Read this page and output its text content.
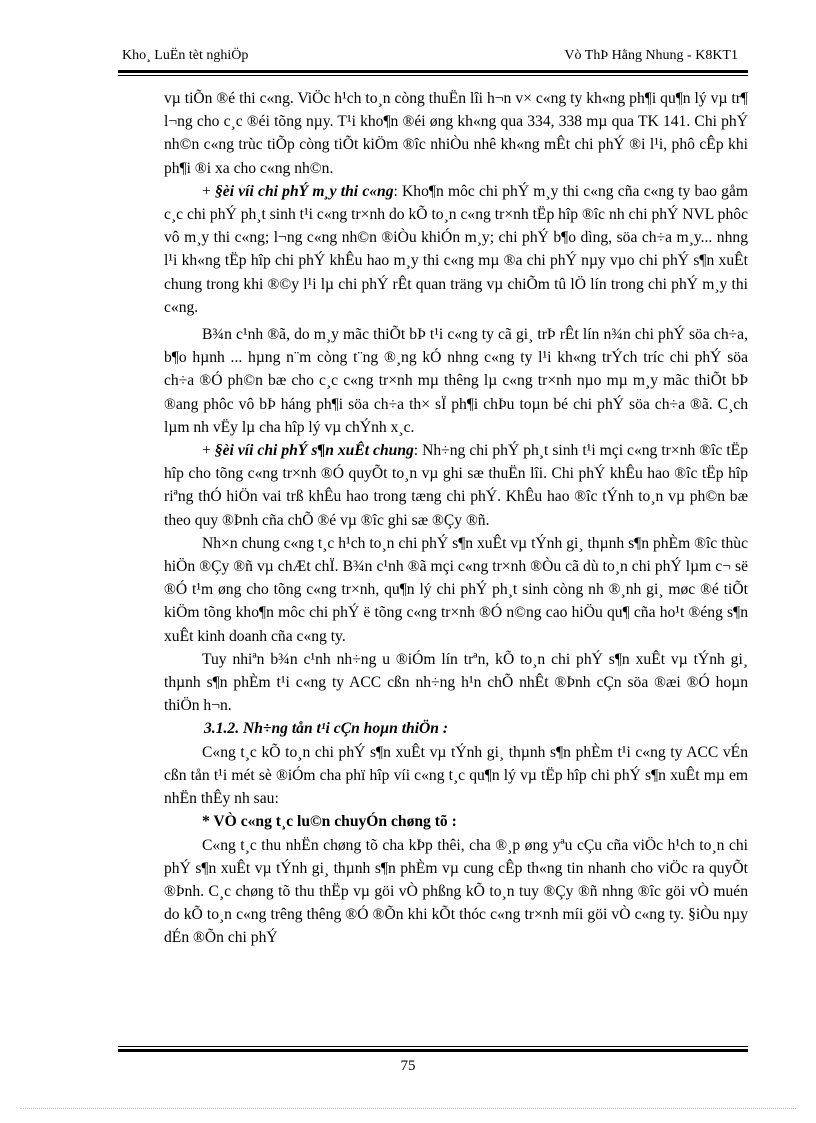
Kho¸ LuËn tèt nghiÖp	Vò ThÞ Hằng Nhung - K8KT1

vµ tiÕn ®é thi c«ng. ViÖc h¹ch to¸n còng thuËn lîi h¬n v× c«ng ty kh«ng ph¶i qu¶n lý vµ tr¶ l¬ng cho c¸c ®éi tõng nµy. T¹i kho¶n ®éi øng kh«ng qua 334, 338 mµ qua TK 141. Chi phÝ nh©n c«ng trùc tiÕp còng tiÕt kiÖm ®îc nhiÒu nhê kh«ng mÊt chi phÝ ®i l¹i, phô cÊp khi ph¶i ®i xa cho c«ng nh©n.

+ §èi víi chi phÝ m¸y thi c«ng: Kho¶n môc chi phÝ m¸y thi c«ng cña c«ng ty bao gåm c¸c chi phÝ ph¸t sinh t¹i c«ng tr×nh do kÕ to¸n c«ng tr×nh tËp hîp ®îc nh chi phÝ NVL phôc vô m¸y thi c«ng; l¬ng c«ng nh©n ®iÒu khiÓn m¸y; chi phÝ b¶o dìng, söa ch÷a m¸y... nhng l¹i kh«ng tËp hîp chi phÝ khÊu hao m¸y thi c«ng mµ ®a chi phÝ nµy vµo chi phÝ s¶n xuÊt chung trong khi ®©y l¹i lµ chi phÝ rÊt quan träng vµ chiÕm tû lÖ lín trong chi phÝ m¸y thi c«ng.

B¾n c¹nh ®ã, do m¸y mãc thiÕt bÞ t¹i c«ng ty cã gi¸ trÞ rÊt lín n¾n chi phÝ söa ch÷a, b¶o hµnh ... hµng n¨m còng t¨ng ®¸ng kÓ nhng c«ng ty l¹i kh«ng trÝch tríc chi phÝ söa ch÷a ®Ó ph©n bæ cho c¸c c«ng tr×nh mµ thêng lµ c«ng tr×nh nµo mµ m¸y mãc thiÕt bÞ ®ang phôc vô bÞ háng ph¶i söa ch÷a th× sÏ ph¶i chÞu toµn bé chi phÝ söa ch÷a ®ã. C¸ch lµm nh vËy lµ cha hîp lý vµ chÝnh x¸c.

+ §èi víi chi phÝ s¶n xuÊt chung: Nh÷ng chi phÝ ph¸t sinh t¹i mçi c«ng tr×nh ®îc tËp hîp cho tõng c«ng tr×nh ®Ó quyÕt to¸n vµ ghi sæ thuËn lîi. Chi phÝ khÊu hao ®îc tËp hîp riªng thÓ hiÖn vai trß khÊu hao trong tæng chi phÝ. KhÊu hao ®îc tÝnh to¸n vµ ph©n bæ theo quy ®Þnh cña chÕ ®é vµ ®îc ghi sæ ®Çy ®ñ.

Nh×n chung c«ng t¸c h¹ch to¸n chi phÝ s¶n xuÊt vµ tÝnh gi¸ thµnh s¶n phÈm ®îc thùc hiÖn ®Çy ®ñ vµ chÆt chÏ. B¾n c¹nh ®ã mçi c«ng tr×nh ®Òu cã dù to¸n chi phÝ lµm c¬ së ®Ó t¹m øng cho tõng c«ng tr×nh, qu¶n lý chi phÝ ph¸t sinh còng nh ®¸nh gi¸ møc ®é tiÕt kiÖm tõng kho¶n môc chi phÝ ë tõng c«ng tr×nh ®Ó n©ng cao hiÖu qu¶ cña ho¹t ®éng s¶n xuÊt kinh doanh cña c«ng ty.

Tuy nhiªn b¾n c¹nh nh÷ng u ®iÓm lín trªn, kÕ to¸n chi phÝ s¶n xuÊt vµ tÝnh gi¸ thµnh s¶n phÈm t¹i c«ng ty ACC cßn nh÷ng h¹n chÕ nhÊt ®Þnh cÇn söa ®æi ®Ó hoµn thiÖn h¬n.

3.1.2. Nh÷ng tån t¹i cÇn hoµn thiÖn :

C«ng t¸c kÕ to¸n chi phÝ s¶n xuÊt vµ tÝnh gi¸ thµnh s¶n phÈm t¹i c«ng ty ACC vÉn cßn tån t¹i mét sè ®iÓm cha phï hîp víi c«ng t¸c qu¶n lý vµ tËp hîp chi phÝ s¶n xuÊt mµ em nhËn thÊy nh sau:

* VÒ c«ng t¸c lu©n chuyÓn chøng tõ :

C«ng t¸c thu nhËn chøng tõ cha kÞp thêi, cha ®¸p øng yªu cÇu cña viÖc h¹ch to¸n chi phÝ s¶n xuÊt vµ tÝnh gi¸ thµnh s¶n phÈm vµ cung cÊp th«ng tin nhanh cho viÖc ra quyÕt ®Þnh. C¸c chøng tõ thu thËp vµ göi vÒ phßng kÕ to¸n tuy ®Çy ®ñ nhng ®îc göi vÒ muén do kÕ to¸n c«ng trêng thêng ®Ó ®Õn khi kÕt thóc c«ng tr×nh míi göi vÒ c«ng ty. §iÒu nµy dÉn ®Õn chi phÝ

75
